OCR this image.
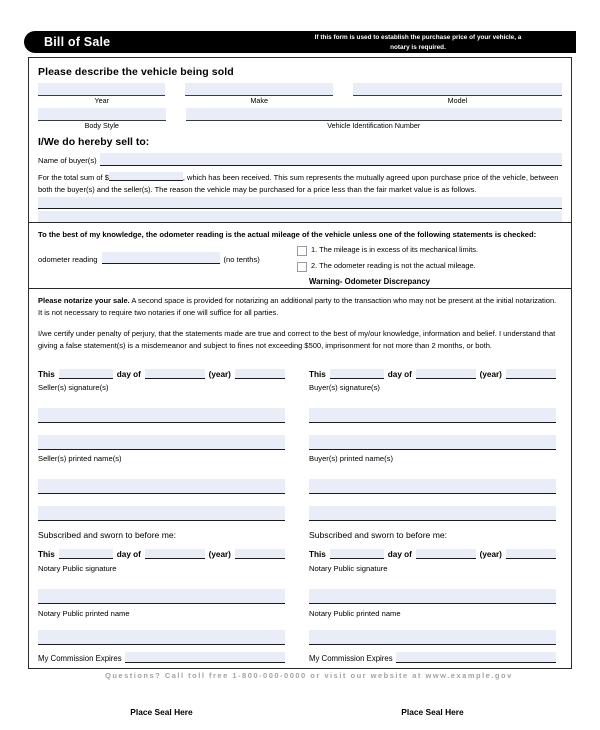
Bill of Sale	If this form is used to establish the purchase price of your vehicle, a notary is required.
Please describe the vehicle being sold
Year	Make	Model
Body Style	Vehicle Identification Number
I/We do hereby sell to:
Name of buyer(s)
For the total sum of $	, which has been received. This sum represents the mutually agreed upon purchase price of the vehicle, between both the buyer(s) and the seller(s). The reason the vehicle may be purchased for a price less than the fair market value is as follows.
To the best of my knowledge, the odometer reading is the actual mileage of the vehicle unless one of the following statements is checked:
odometer reading	(no tenths)
1. The mileage is in excess of its mechanical limits.
2. The odometer reading is not the actual mileage.
Warning- Odometer Discrepancy
Please notarize your sale. A second space is provided for notarizing an additional party to the transaction who may not be present at the initial notarization. It is not necessary to require two notaries if one will suffice for all parties.
I/we certify under penalty of perjury, that the statements made are true and correct to the best of my/our knowledge, information and belief. I understand that giving a false statement(s) is a misdemeanor and subject to fines not exceeding $500, imprisonment for not more than 2 months, or both.
This	day of	(year)
Seller(s) signature(s)
Seller(s) printed name(s)
Subscribed and sworn to before me:
This	day of	(year)
Notary Public signature
Notary Public printed name
My Commission Expires
Place Seal Here
This	day of	(year)
Buyer(s) signature(s)
Buyer(s) printed name(s)
Subscribed and sworn to before me:
This	day of	(year)
Notary Public signature
Notary Public printed name
My Commission Expires
Place Seal Here
Questions? Call toll free 1-800-000-0000 or visit our website at www.example.gov
